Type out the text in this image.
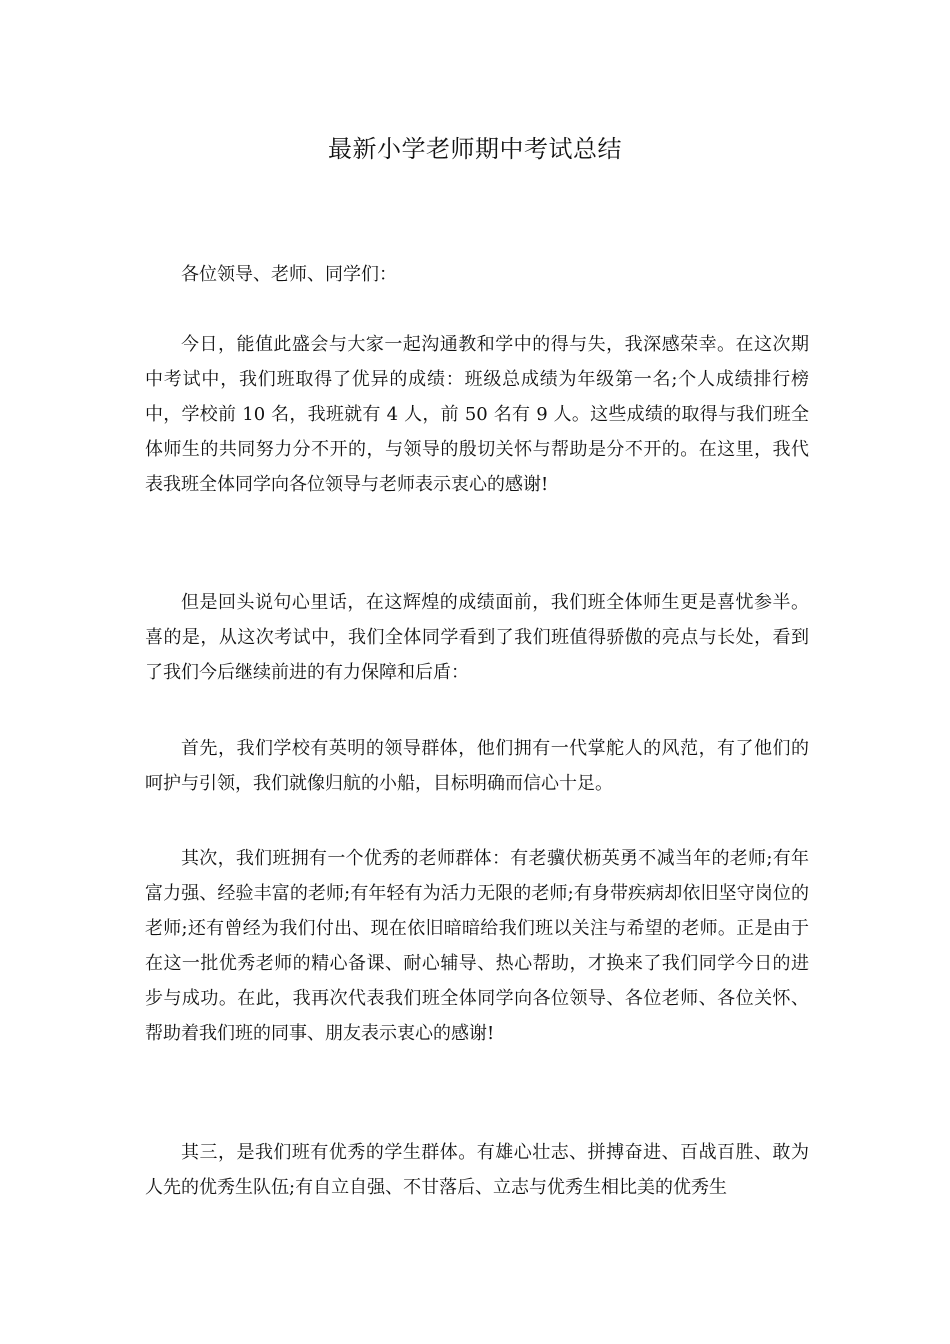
最新小学老师期中考试总结

各位领导、老师、同学们：

今日，能值此盛会与大家一起沟通教和学中的得与失，我深感荣幸。在这次期中考试中，我们班取得了优异的成绩：班级总成绩为年级第一名;个人成绩排行榜中，学校前 10 名，我班就有 4 人，前 50 名有 9 人。这些成绩的取得与我们班全体师生的共同努力分不开的，与领导的殷切关怀与帮助是分不开的。在这里，我代表我班全体同学向各位领导与老师表示衷心的感谢!

但是回头说句心里话，在这辉煌的成绩面前，我们班全体师生更是喜忧参半。喜的是，从这次考试中，我们全体同学看到了我们班值得骄傲的亮点与长处，看到了我们今后继续前进的有力保障和后盾：

首先，我们学校有英明的领导群体，他们拥有一代掌舵人的风范，有了他们的呵护与引领，我们就像归航的小船，目标明确而信心十足。

其次，我们班拥有一个优秀的老师群体：有老骥伏枥英勇不减当年的老师;有年富力强、经验丰富的老师;有年轻有为活力无限的老师;有身带疾病却依旧坚守岗位的老师;还有曾经为我们付出、现在依旧暗暗给我们班以关注与希望的老师。正是由于在这一批优秀老师的精心备课、耐心辅导、热心帮助，才换来了我们同学今日的进步与成功。在此，我再次代表我们班全体同学向各位领导、各位老师、各位关怀、帮助着我们班的同事、朋友表示衷心的感谢!

其三，是我们班有优秀的学生群体。有雄心壮志、拼搏奋进、百战百胜、敢为人先的优秀生队伍;有自立自强、不甘落后、立志与优秀生相比美的优秀生
